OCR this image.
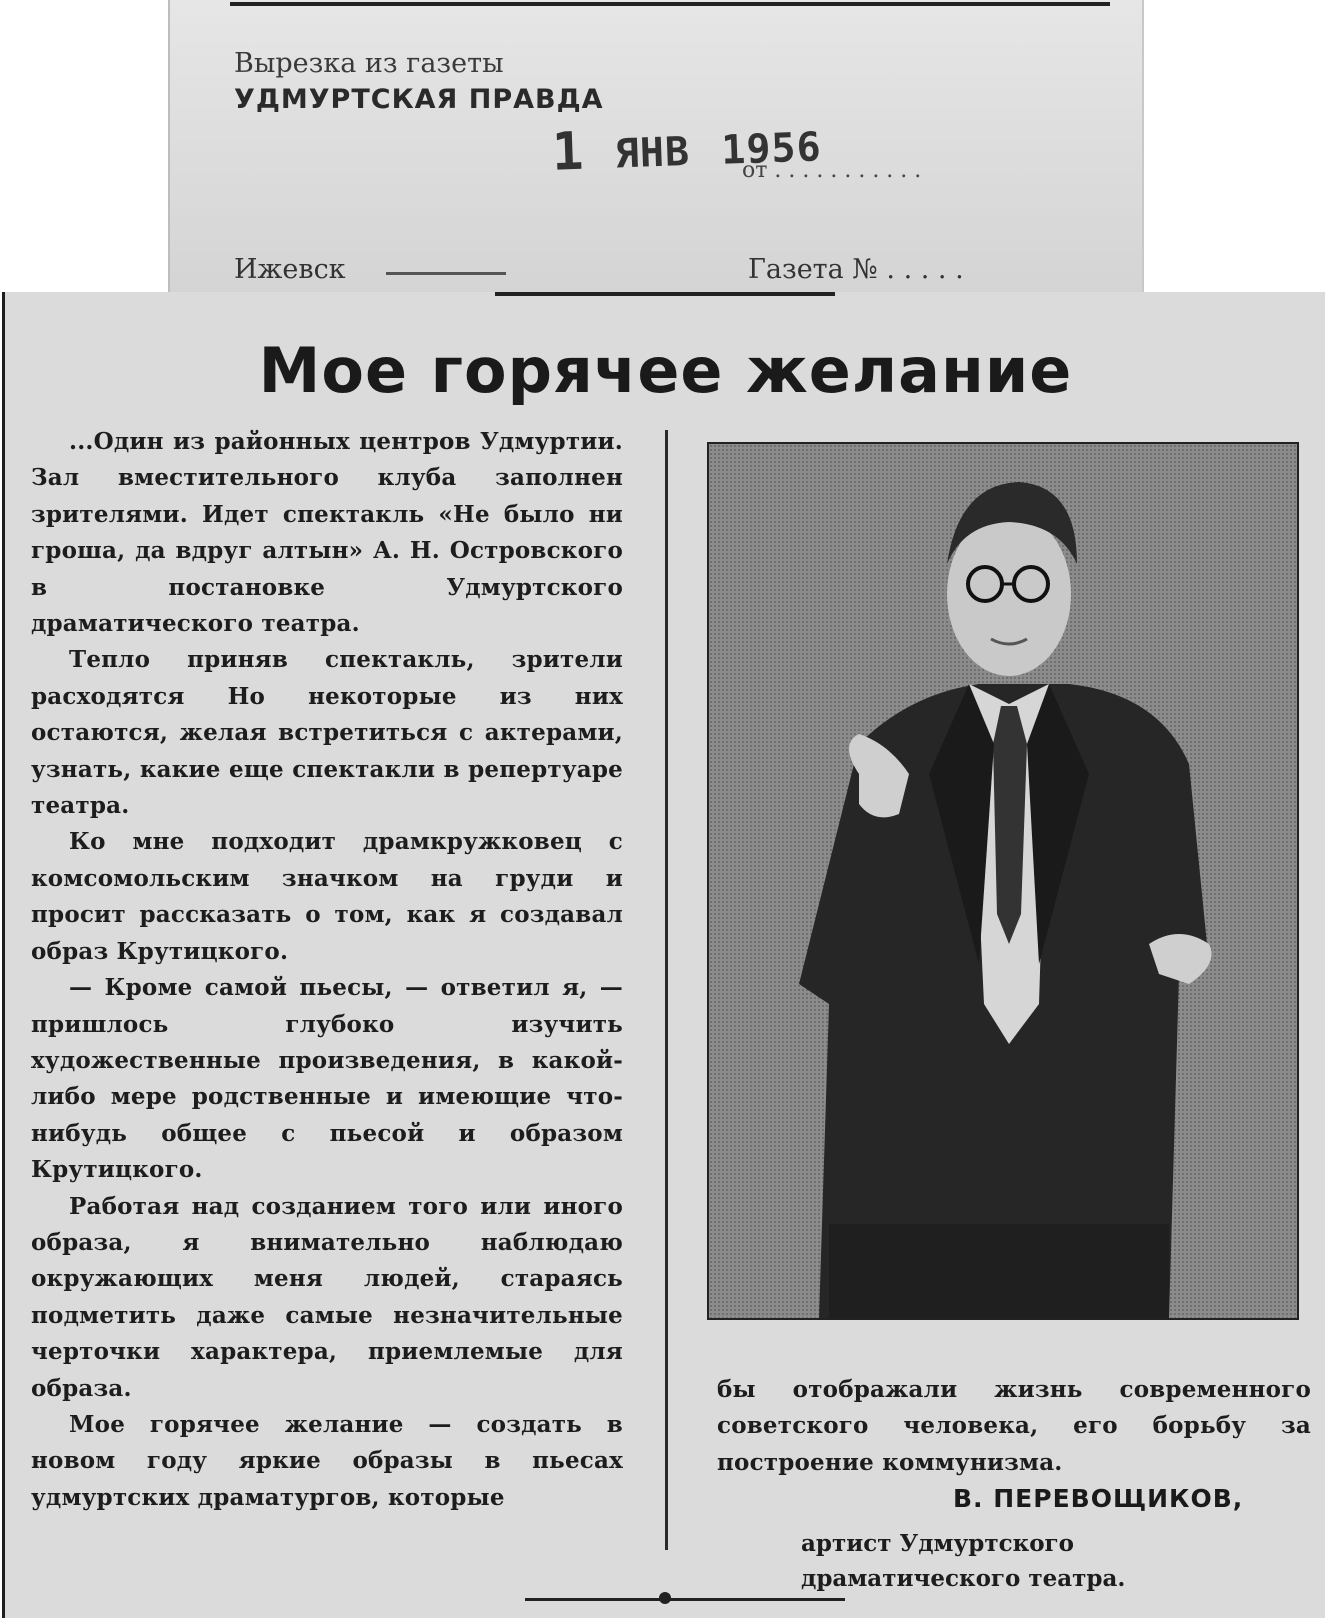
Вырезка из газеты
УДМУРТСКАЯ ПРАВДА
1 ЯНВ 1956
от . . . . . . . . . . .
Ижевск	Газета № . . . . .
Мое горячее желание

...Один из районных центров Удмуртии. Зал вместительного клуба заполнен зрителями. Идет спектакль «Не было ни гроша, да вдруг алтын» А. Н. Островского в постановке Удмуртского драматического театра.

Тепло приняв спектакль, зрители расходятся Но некоторые из них остаются, желая встретиться с актерами, узнать, какие еще спектакли в репертуаре театра.

Ко мне подходит драмкружковец с комсомольским значком на груди и просит рассказать о том, как я создавал образ Крутицкого.

— Кроме самой пьесы, — ответил я, — пришлось глубоко изучить художественные произведения, в какой-либо мере родственные и имеющие что-нибудь общее с пьесой и образом Крутицкого.

Работая над созданием того или иного образа, я внимательно наблюдаю окружающих меня людей, стараясь подметить даже самые незначительные черточки характера, приемлемые для образа.

Мое горячее желание — создать в новом году яркие образы в пьесах удмуртских драматургов, которые

бы отображали жизнь современного советского человека, его борьбу за построение коммунизма.

В. ПЕРЕВОЩИКОВ,
артист Удмуртского драматического театра.
